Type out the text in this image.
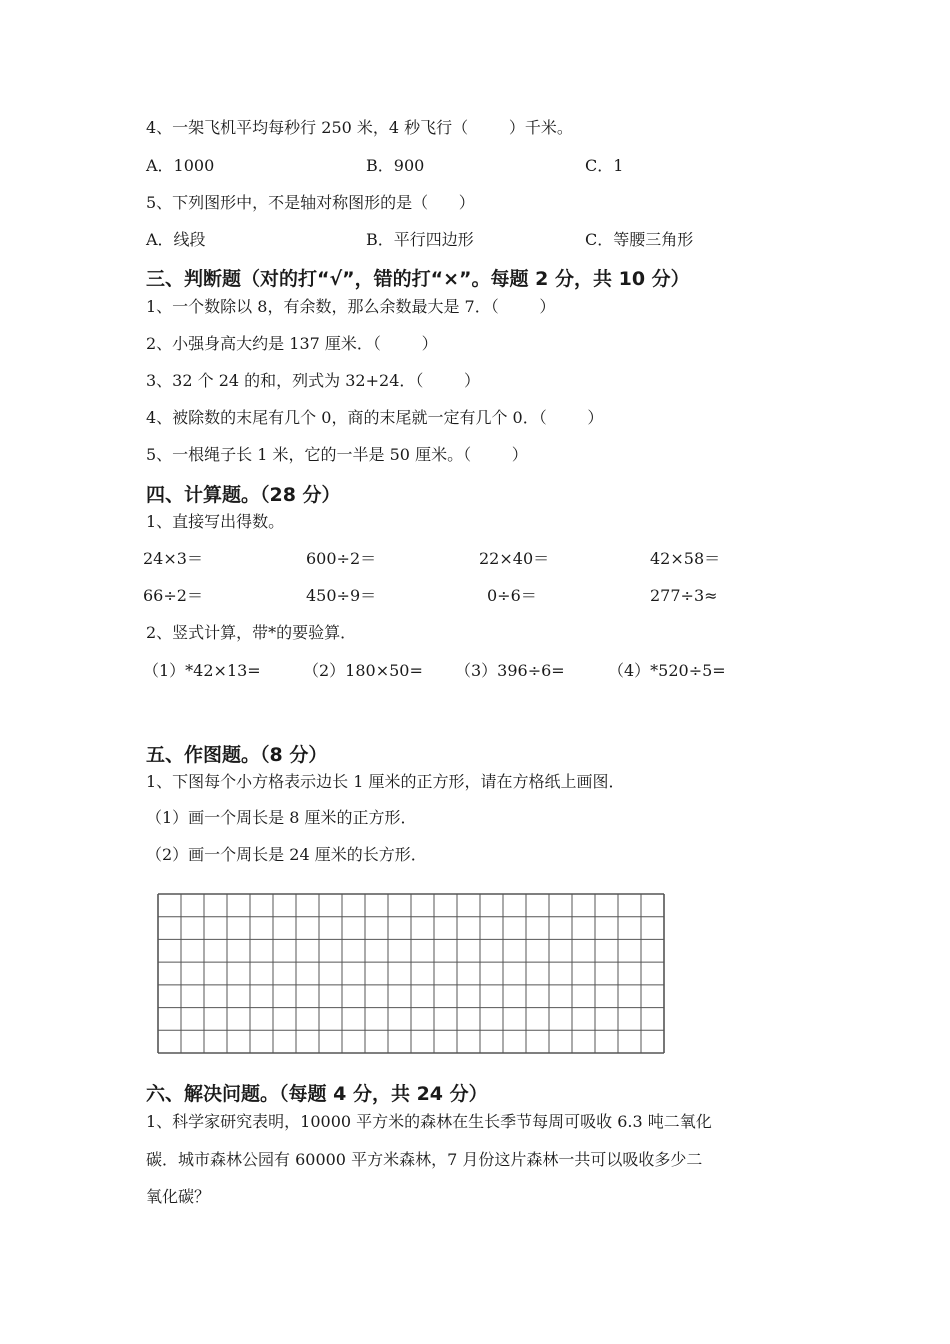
4、一架飞机平均每秒行 250 米，4 秒飞行（        ）千米。
A．1000	B．900	C．1
5、下列图形中，不是轴对称图形的是（      ）
A．线段	B．平行四边形	C．等腰三角形
三、判断题（对的打“√”，错的打“×”。每题 2 分，共 10 分）
1、一个数除以 8，有余数，那么余数最大是 7．（        ）
2、小强身高大约是 137 厘米．（        ）
3、32 个 24 的和，列式为 32+24．（        ）
4、被除数的末尾有几个 0，商的末尾就一定有几个 0．（        ）
5、一根绳子长 1 米，它的一半是 50 厘米。（        ）
四、计算题。（28 分）
1、直接写出得数。
24×3＝	600÷2＝	22×40＝	42×58＝
66÷2＝	450÷9＝	0÷6＝	277÷3≈
2、竖式计算，带*的要验算．
（1）*42×13=	（2）180×50= （3）396÷6=	（4）*520÷5=
五、作图题。（8 分）
1、下图每个小方格表示边长 1 厘米的正方形，请在方格纸上画图．
（1）画一个周长是 8 厘米的正方形．
（2）画一个周长是 24 厘米的长方形．
六、解决问题。（每题 4 分，共 24 分）
1、科学家研究表明，10000 平方米的森林在生长季节每周可吸收 6.3 吨二氧化
碳．城市森林公园有 60000 平方米森林，7 月份这片森林一共可以吸收多少二
氧化碳？
